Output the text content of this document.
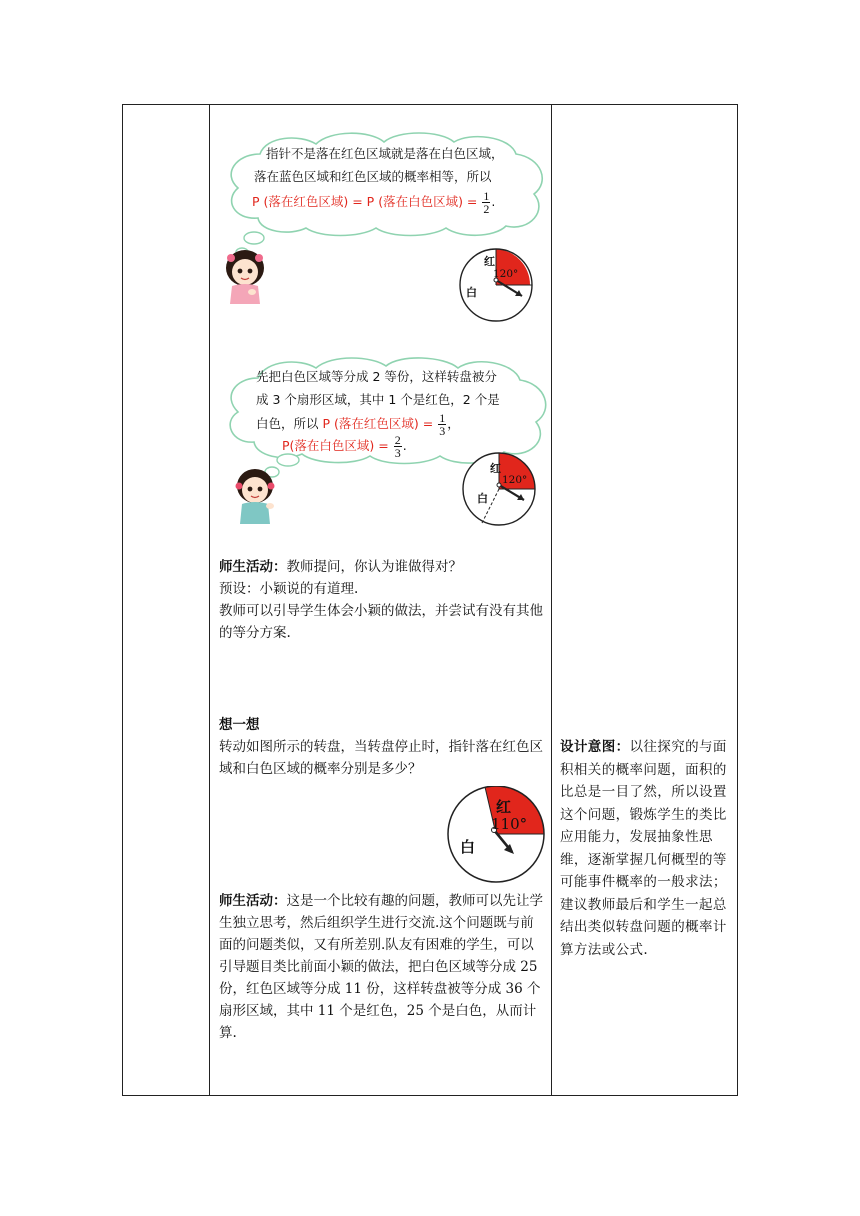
指针不是落在红色区域就是落在白色区域，
落在蓝色区域和红色区域的概率相等，所以
P (落在红色区域) = P (落在白色区域) = $\frac{1}{2}$ .
红
120°
白
先把白色区域等分成 2 等份，这样转盘被分
成 3 个扇形区域，其中 1 个是红色，2 个是
白色，所以 P (落在红色区域) = $\frac{1}{3}$ ，
P(落在白色区域) = $\frac{2}{3}$ .
红
120°
白
师生活动：教师提问，你认为谁做得对？
预设：小颖说的有道理.
教师可以引导学生体会小颖的做法，并尝试有没有其他的等分方案.
想一想
转动如图所示的转盘，当转盘停止时，指针落在红色区域和白色区域的概率分别是多少？
红
110°
白
师生活动：这是一个比较有趣的问题，教师可以先让学生独立思考，然后组织学生进行交流.这个问题既与前面的问题类似，又有所差别.队友有困难的学生，可以引导题目类比前面小颖的做法，把白色区域等分成 25 份，红色区域等分成 11 份，这样转盘被等分成 36 个扇形区域，其中 11 个是红色，25 个是白色，从而计算.
设计意图：以往探究的与面积相关的概率问题，面积的比总是一目了然，所以设置这个问题，锻炼学生的类比应用能力，发展抽象性思维，逐渐掌握几何概型的等可能事件概率的一般求法；建议教师最后和学生一起总结出类似转盘问题的概率计算方法或公式.
